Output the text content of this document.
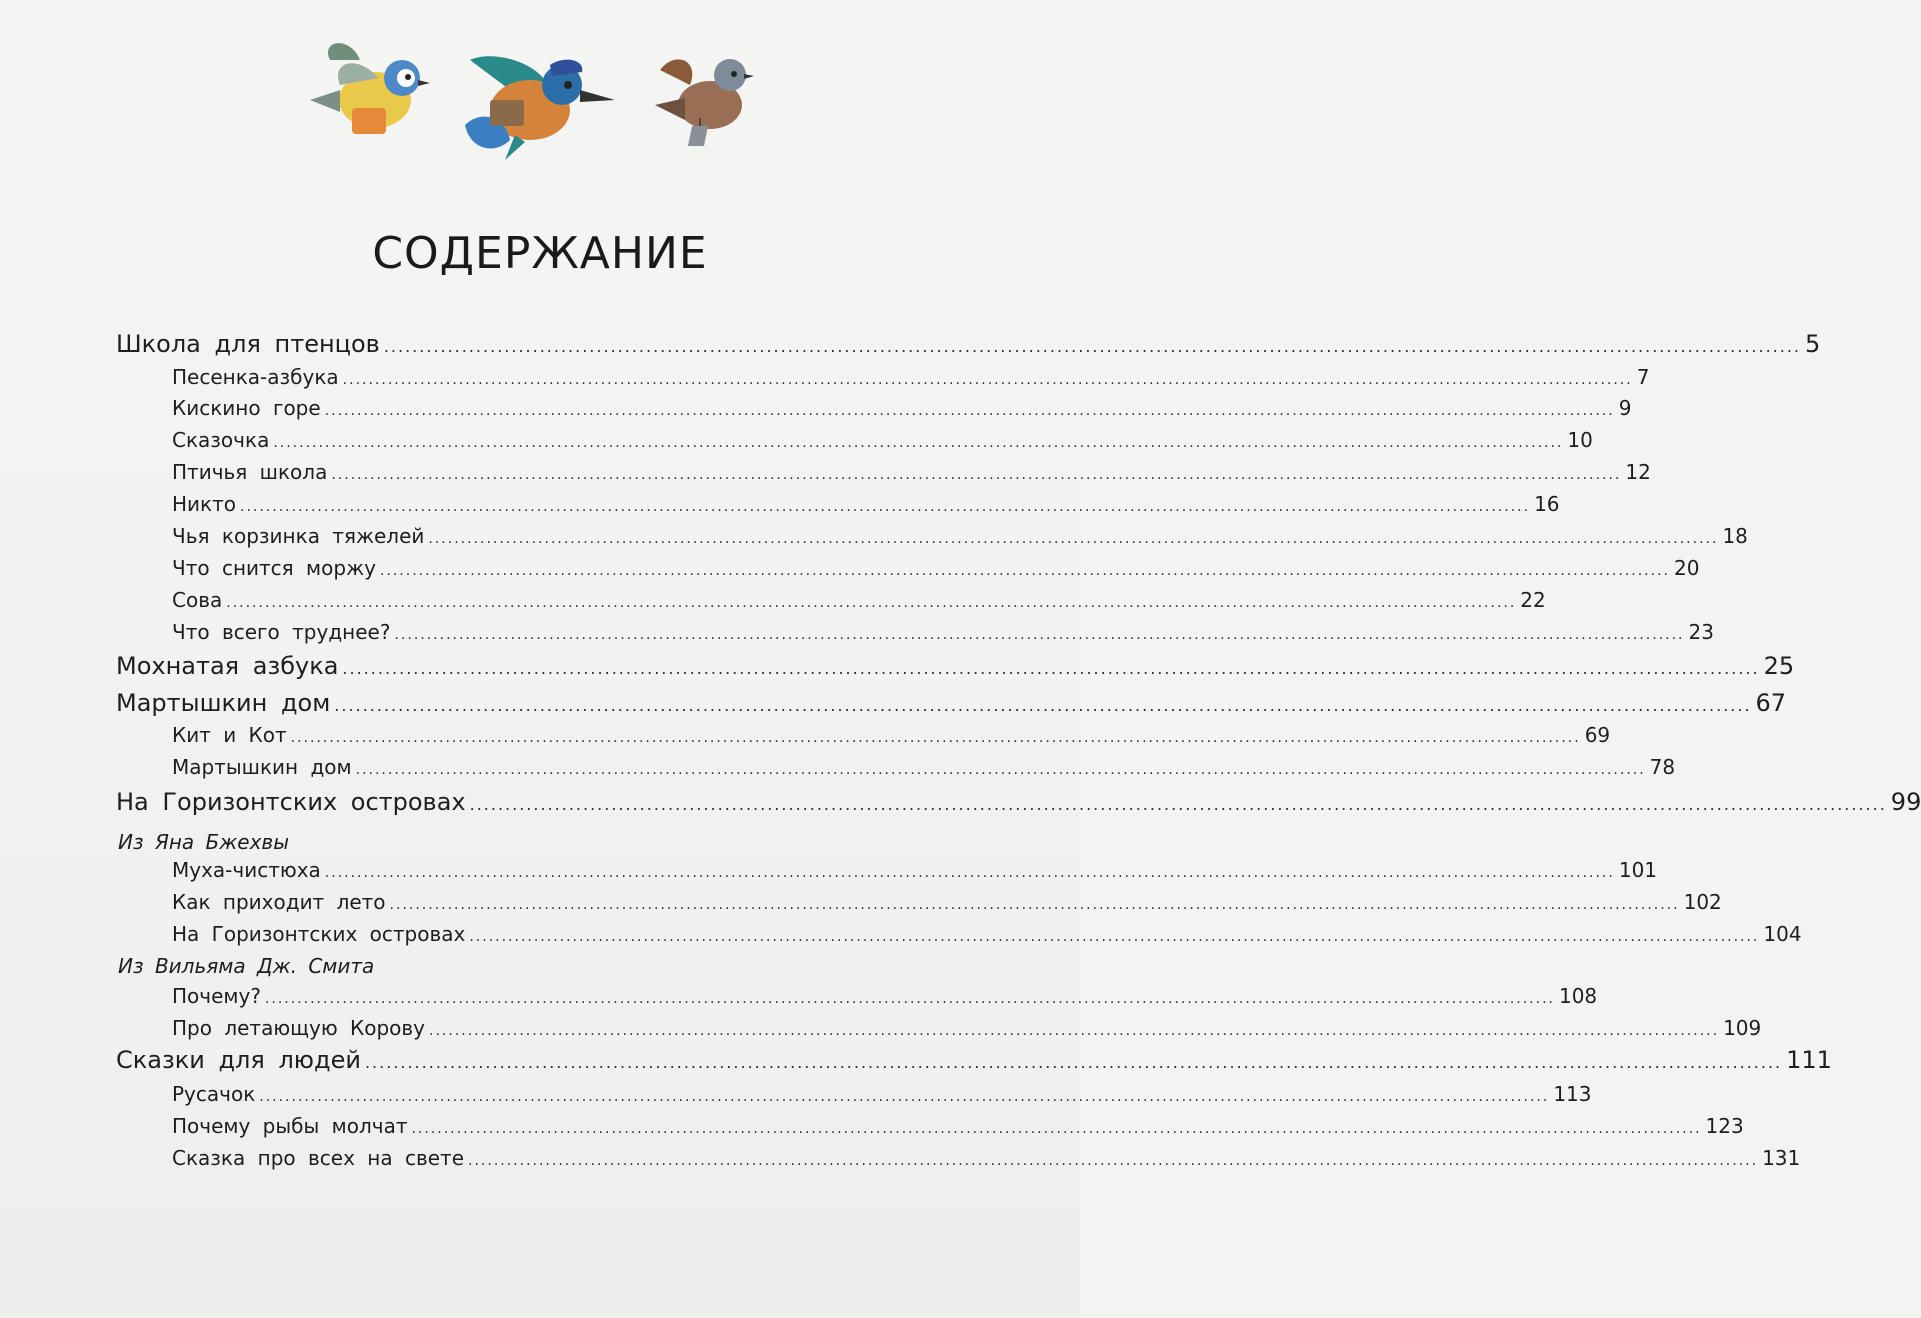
СОДЕРЖАНИЕ
Школа для птенцов ........................................................................................................................................................................................................ 5
Песенка-азбука ........................................................................................................................................................................................................ 7
Кискино горе ........................................................................................................................................................................................................ 9
Сказочка ........................................................................................................................................................................................................ 10
Птичья школа ........................................................................................................................................................................................................ 12
Никто ........................................................................................................................................................................................................ 16
Чья корзинка тяжелей ........................................................................................................................................................................................................ 18
Что снится моржу ........................................................................................................................................................................................................ 20
Сова ........................................................................................................................................................................................................ 22
Что всего труднее? ........................................................................................................................................................................................................ 23
Мохнатая азбука ........................................................................................................................................................................................................ 25
Мартышкин дом ........................................................................................................................................................................................................ 67
Кит и Кот ........................................................................................................................................................................................................ 69
Мартышкин дом ........................................................................................................................................................................................................ 78
На Горизонтских островах ........................................................................................................................................................................................................ 99
Из Яна Бжехвы
Муха-чистюха ........................................................................................................................................................................................................ 101
Как приходит лето ........................................................................................................................................................................................................ 102
На Горизонтских островах ........................................................................................................................................................................................................ 104
Из Вильяма Дж. Смита
Почему? ........................................................................................................................................................................................................ 108
Про летающую Корову ........................................................................................................................................................................................................ 109
Сказки для людей ........................................................................................................................................................................................................ 111
Русачок ........................................................................................................................................................................................................ 113
Почему рыбы молчат ........................................................................................................................................................................................................ 123
Сказка про всех на свете ........................................................................................................................................................................................................ 131
